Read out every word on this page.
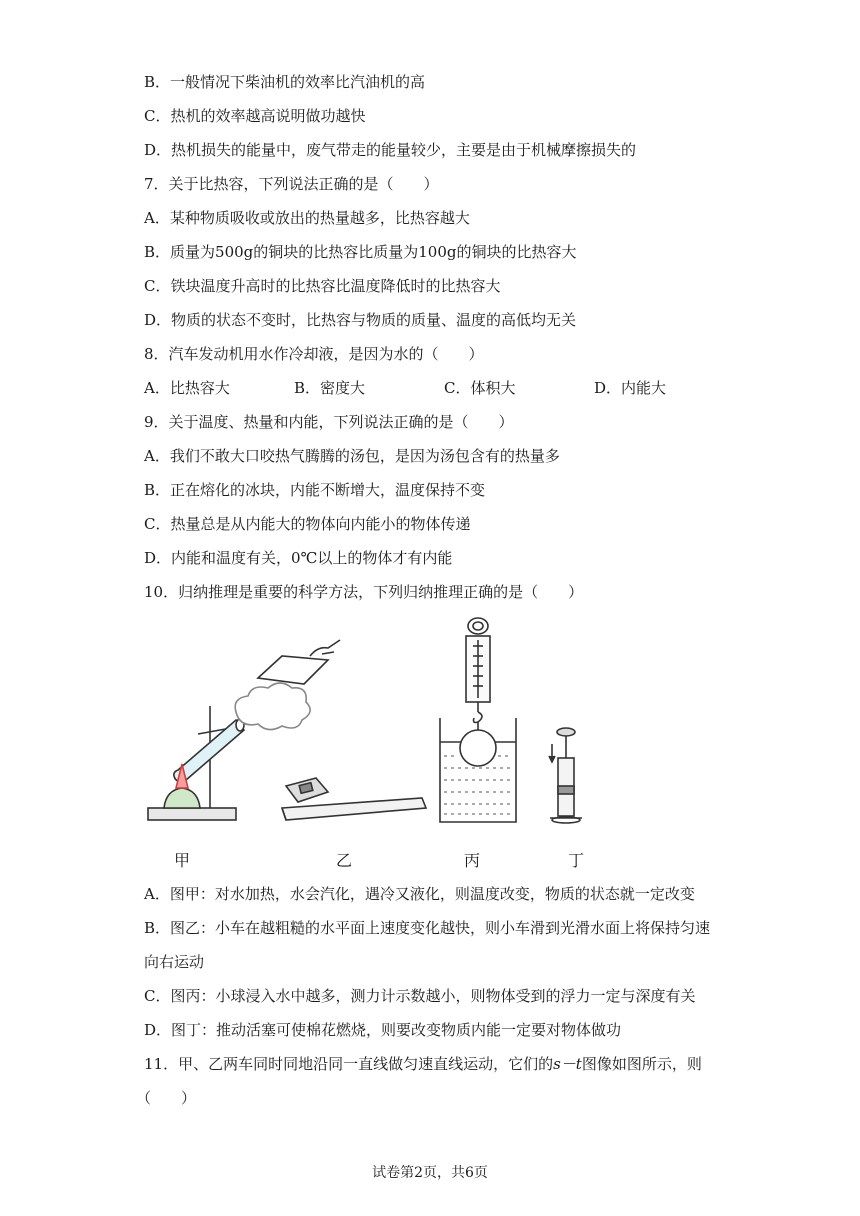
B．一般情况下柴油机的效率比汽油机的高
C．热机的效率越高说明做功越快
D．热机损失的能量中，废气带走的能量较少，主要是由于机械摩擦损失的
7．关于比热容，下列说法正确的是（　　）
A．某种物质吸收或放出的热量越多，比热容越大
B．质量为500g的铜块的比热容比质量为100g的铜块的比热容大
C．铁块温度升高时的比热容比温度降低时的比热容大
D．物质的状态不变时，比热容与物质的质量、温度的高低均无关
8．汽车发动机用水作冷却液，是因为水的（　　）
A．比热容大	B．密度大	C．体积大	D．内能大
9．关于温度、热量和内能，下列说法正确的是（　　）
A．我们不敢大口咬热气腾腾的汤包，是因为汤包含有的热量多
B．正在熔化的冰块，内能不断增大，温度保持不变
C．热量总是从内能大的物体向内能小的物体传递
D．内能和温度有关，0℃以上的物体才有内能
10．归纳推理是重要的科学方法，下列归纳推理正确的是（　　）
甲	乙	丙	丁
A．图甲：对水加热，水会汽化，遇冷又液化，则温度改变，物质的状态就一定改变
B．图乙：小车在越粗糙的水平面上速度变化越快，则小车滑到光滑水面上将保持匀速
向右运动
C．图丙：小球浸入水中越多，测力计示数越小，则物体受到的浮力一定与深度有关
D．图丁：推动活塞可使棉花燃烧，则要改变物质内能一定要对物体做功
11．甲、乙两车同时同地沿同一直线做匀速直线运动，它们的s－t图像如图所示，则
（　　）
试卷第2页，共6页
